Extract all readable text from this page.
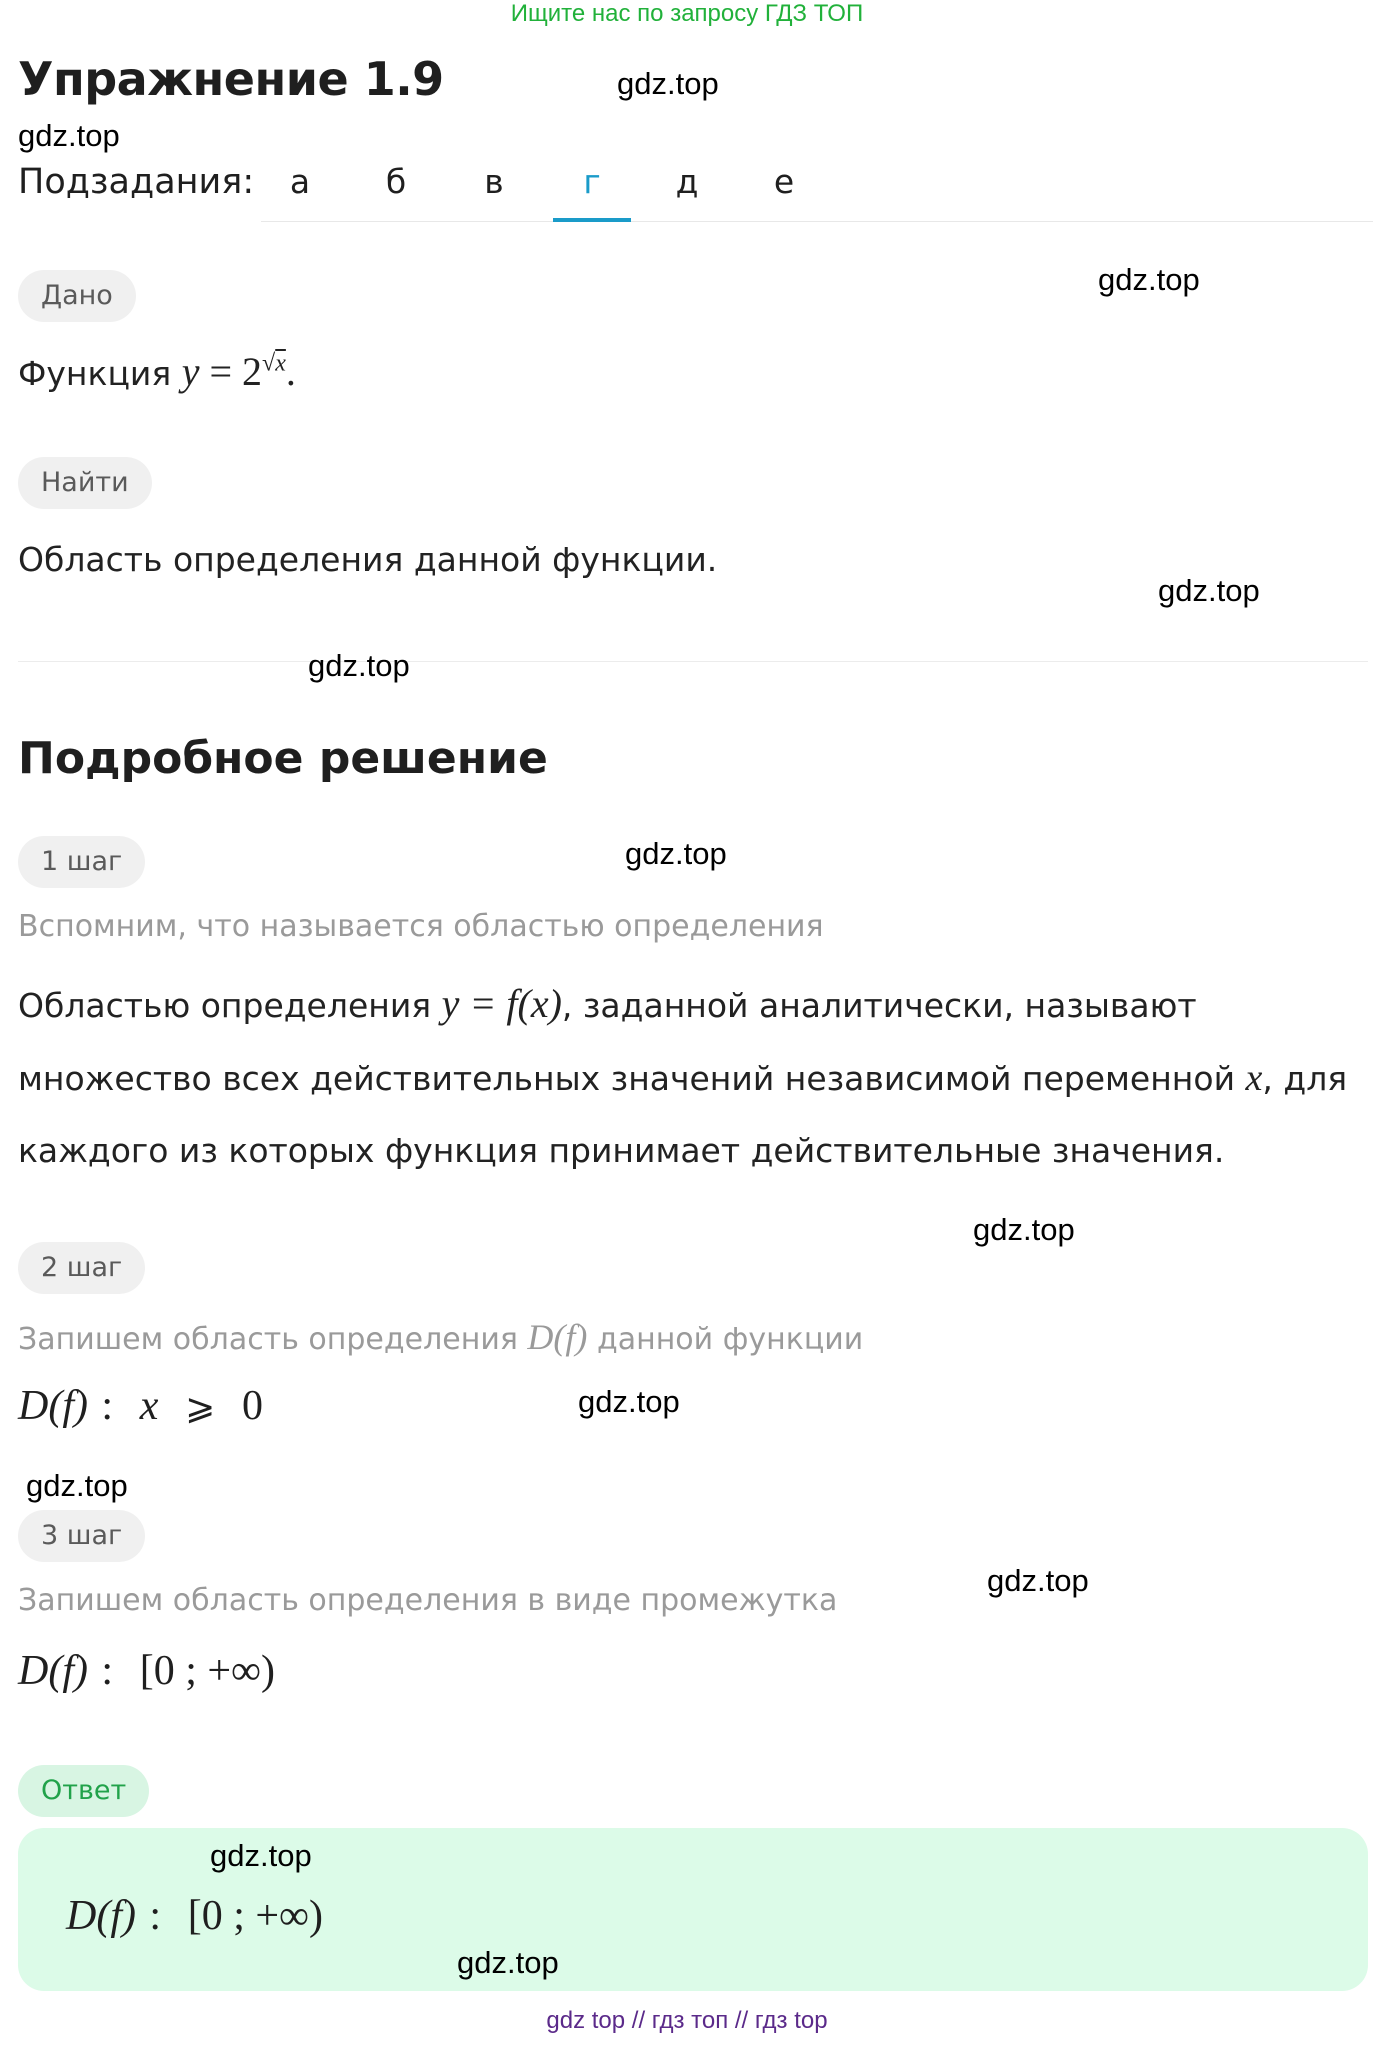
Ищите нас по запросу ГДЗ ТОП
Упражнение 1.9	gdz.top
gdz.top
Подзадания:	а	б	в	г	д	е
Дано	gdz.top
Функция $y = 2^{√x}$.
Найти
Область определения данной функции.
gdz.top
gdz.top
Подробное решение
1 шаг	gdz.top
Вспомним, что называется областью определения
Областью определения y = f(x), заданной аналитически, называют множество всех действительных значений независимой переменной x, для каждого из которых функция принимает действительные значения.
gdz.top
2 шаг
Запишем область определения D(f) данной функции
D(f) : x ⩾ 0	gdz.top
gdz.top
3 шаг
gdz.top
Запишем область определения в виде промежутка
D(f) : [0 ; +∞)
Ответ
gdz.top
D(f) : [0 ; +∞)
gdz.top
gdz top // гдз топ // гдз top
